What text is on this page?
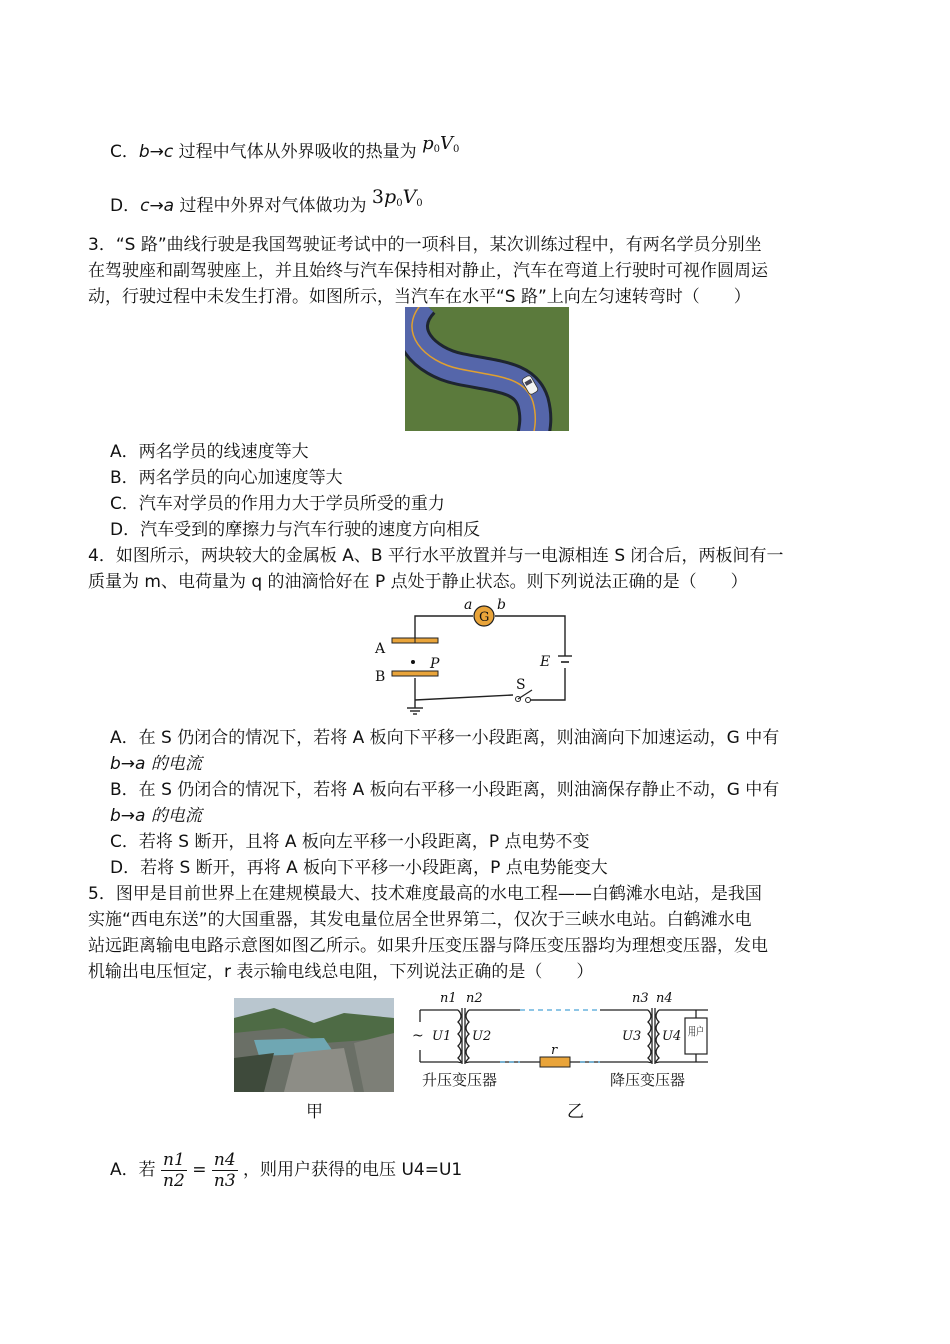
C．b→c 过程中气体从外界吸收的热量为 $p_0V_0$
D．c→a 过程中外界对气体做功为 $3p_0V_0$
3．“S 路”曲线行驶是我国驾驶证考试中的一项科目，某次训练过程中，有两名学员分别坐
在驾驶座和副驾驶座上，并且始终与汽车保持相对静止，汽车在弯道上行驶时可视作圆周运
动，行驶过程中未发生打滑。如图所示，当汽车在水平“S 路”上向左匀速转弯时（　　）
A．两名学员的线速度等大
B．两名学员的向心加速度等大
C．汽车对学员的作用力大于学员所受的重力
D．汽车受到的摩擦力与汽车行驶的速度方向相反
4．如图所示，两块较大的金属板 A、B 平行水平放置并与一电源相连 S 闭合后，两板间有一
质量为 m、电荷量为 q 的油滴恰好在 P 点处于静止状态。则下列说法正确的是（　　）
a b
G
A
B
P	E
S
A．在 S 仍闭合的情况下，若将 A 板向下平移一小段距离，则油滴向下加速运动，G 中有
b→a 的电流
B．在 S 仍闭合的情况下，若将 A 板向右平移一小段距离，则油滴保存静止不动，G 中有
b→a 的电流
C．若将 S 断开，且将 A 板向左平移一小段距离，P 点电势不变
D．若将 S 断开，再将 A 板向下平移一小段距离，P 点电势能变大
5．图甲是目前世界上在建规模最大、技术难度最高的水电工程——白鹤滩水电站，是我国
实施“西电东送”的大国重器，其发电量位居全世界第二，仅次于三峡水电站。白鹤滩水电
站远距离输电电路示意图如图乙所示。如果升压变压器与降压变压器均为理想变压器，发电
机输出电压恒定，r 表示输电线总电阻，下列说法正确的是（　　）
甲
~
n1 n2
U1 U2
n3 n4
U3 U4
r
升压变压器	降压变压器
用户
乙
A．若 $\frac{n1}{n2} = \frac{n4}{n3}$ ，则用户获得的电压 U4=U1
